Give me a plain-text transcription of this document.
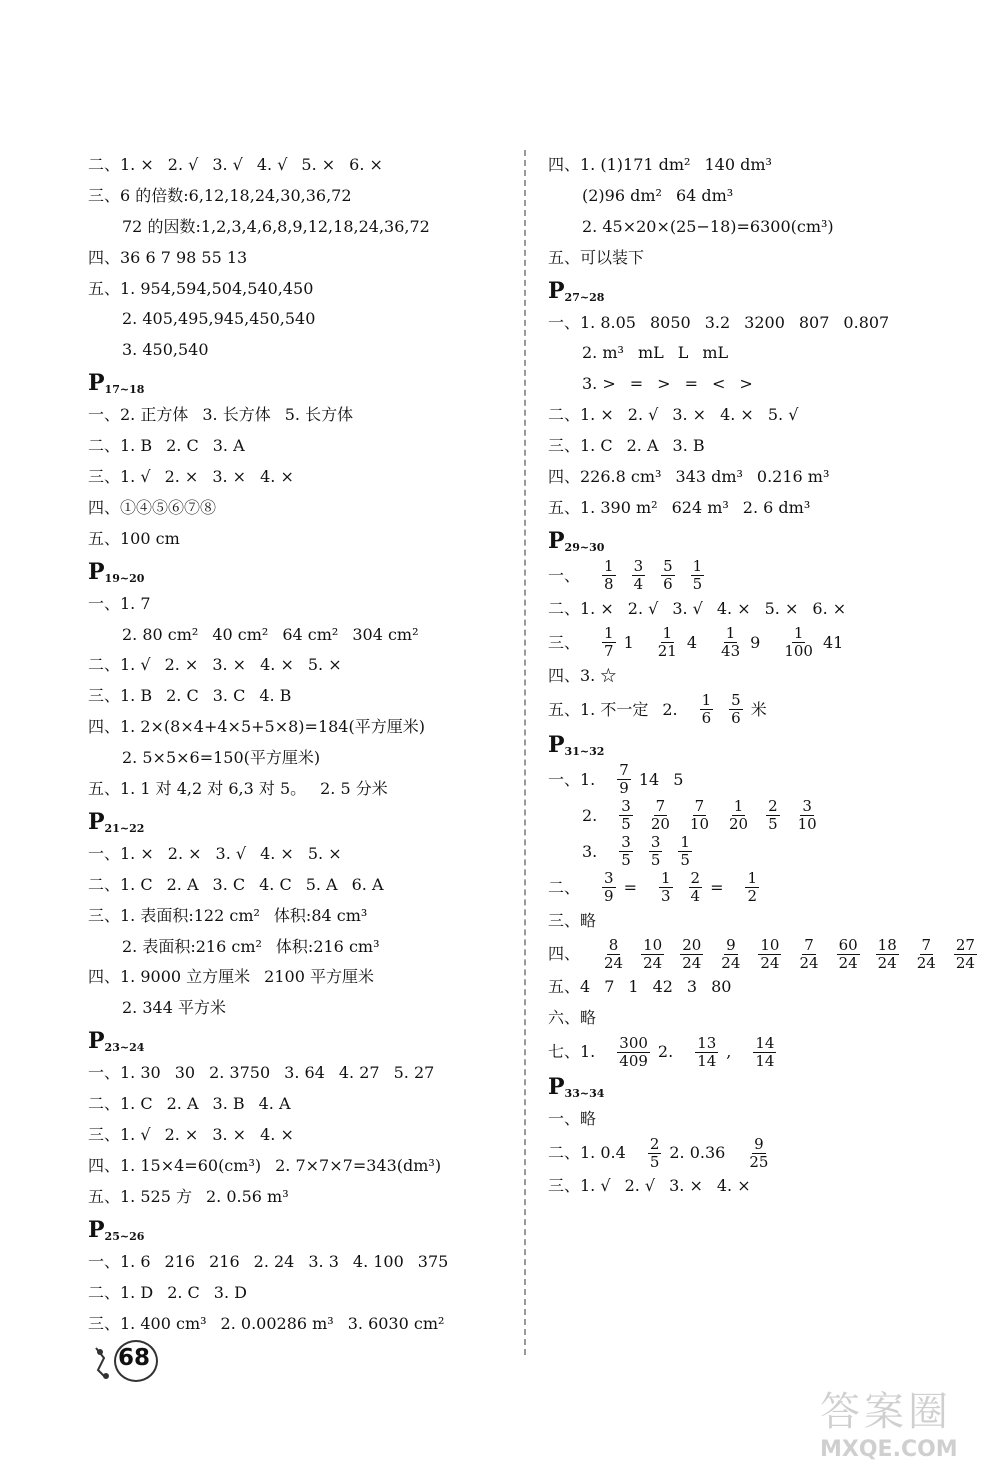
二、1. × 2. √ 3. √ 4. √ 5. × 6. ×
三、6 的倍数:6,12,18,24,30,36,72
72 的因数:1,2,3,4,6,8,9,12,18,24,36,72
四、36 6 7 98 55 13
五、1. 954,594,504,540,450
2. 405,495,945,450,540
3. 450,540
$P_{17\sim 18}$
一、2. 正方体 3. 长方体 5. 长方体
二、1. B 2. C 3. A
三、1. √ 2. × 3. × 4. ×
四、①④⑤⑥⑦⑧
五、100 cm
$P_{19\sim 20}$
一、1. 7
2. 80 cm² 40 cm² 64 cm² 304 cm²
二、1. √ 2. × 3. × 4. × 5. ×
三、1. B 2. C 3. C 4. B
四、1. 2×(8×4+4×5+5×8)=184(平方厘米)
2. 5×5×6=150(平方厘米)
五、1. 1 对 4,2 对 6,3 对 5。 2. 5 分米
$P_{21\sim 22}$
一、1. × 2. × 3. √ 4. × 5. ×
二、1. C 2. A 3. C 4. C 5. A 6. A
三、1. 表面积:122 cm² 体积:84 cm³
2. 表面积:216 cm² 体积:216 cm³
四、1. 9000 立方厘米 2100 平方厘米
2. 344 平方米
$P_{23\sim 24}$
一、1. 30 30 2. 3750 3. 64 4. 27 5. 27
二、1. C 2. A 3. B 4. A
三、1. √ 2. × 3. × 4. ×
四、1. 15×4=60(cm³) 2. 7×7×7=343(dm³)
五、1. 525 方 2. 0.56 m³
$P_{25\sim 26}$
一、1. 6 216 216 2. 24 3. 3 4. 100 375
二、1. D 2. C 3. D
三、1. 400 cm³ 2. 0.00286 m³ 3. 6030 cm²
四、1. (1)171 dm² 140 dm³
(2)96 dm² 64 dm³
2. 45×20×(25−18)=6300(cm³)
五、可以装下
$P_{27\sim 28}$
一、1. 8.05 8050 3.2 3200 807 0.807
2. m³ mL L mL
3. > = > = < >
二、1. × 2. √ 3. × 4. × 5. √
三、1. C 2. A 3. B
四、226.8 cm³ 343 dm³ 0.216 m³
五、1. 390 m² 624 m³ 2. 6 dm³
$P_{29\sim 30}$
一、 $\frac{1}{8} \frac{3}{4} \frac{5}{6} \frac{1}{5}$
二、1. × 2. √ 3. √ 4. × 5. × 6. ×
三、 $\frac{1}{7} 1 \frac{1}{21} 4 \frac{1}{43} 9 \frac{1}{100} 41$
四、3. ☆
五、1. 不一定 2. $\frac{1}{6} \frac{5}{6}$ 米
$P_{31\sim 32}$
一、1. $\frac{7}{9} 14$ 5
2. $\frac{3}{5} \frac{7}{20} \frac{7}{10} \frac{1}{20} \frac{2}{5} \frac{3}{10}$
3. $\frac{3}{5} \frac{3}{5} \frac{1}{5}$
二、 $\frac{3}{9} = \frac{1}{3} \frac{2}{4} = \frac{1}{2}$
三、略
四、 $\frac{8}{24} \frac{10}{24} \frac{20}{24} \frac{9}{24} \frac{10}{24} \frac{7}{24} \frac{60}{24} \frac{18}{24} \frac{7}{24} \frac{27}{24}$
五、4 7 1 42 3 80
六、略
七、1. $\frac{300}{409} 2$. $\frac{13}{14}$ , $\frac{14}{14}$
$P_{33\sim 34}$
一、略
二、1. $0.4 \frac{2}{5} 2$. $0.36 \frac{9}{25}$
三、1. √ 2. √ 3. × 4. ×
68
答案圈
MXQE.COM
